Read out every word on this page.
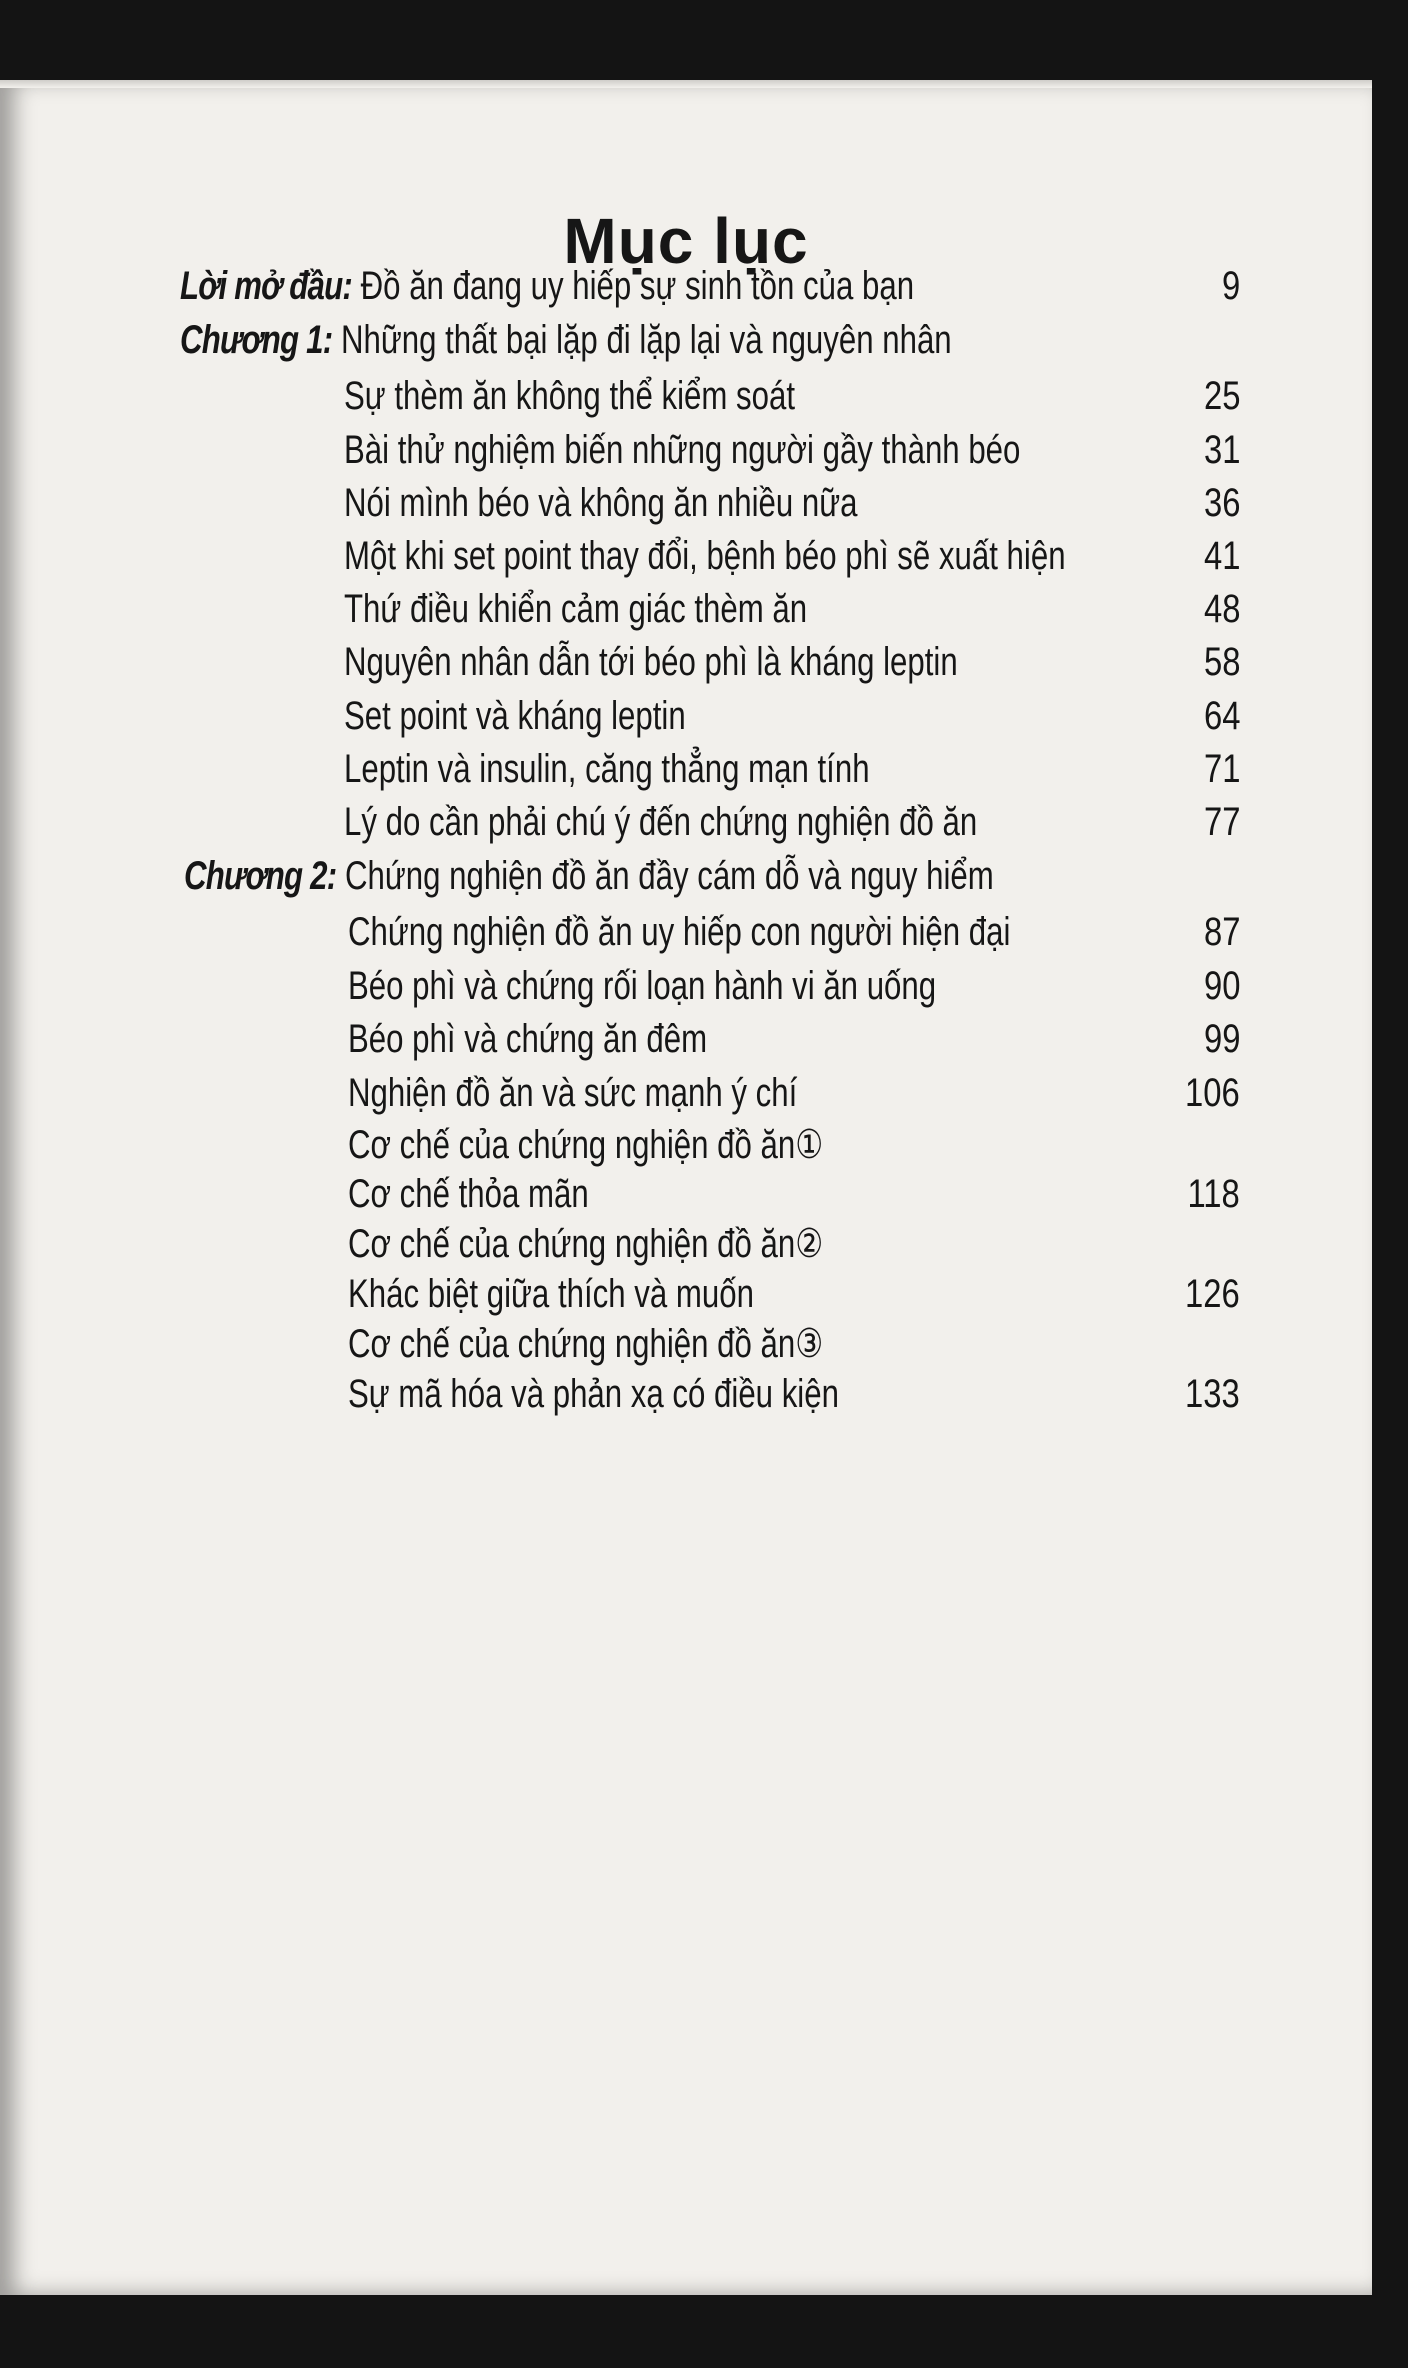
Mục lục
Lời mở đầu: Đồ ăn đang uy hiếp sự sinh tồn của bạn	9
Chương 1: Những thất bại lặp đi lặp lại và nguyên nhân
Sự thèm ăn không thể kiểm soát	25
Bài thử nghiệm biến những người gầy thành béo	31
Nói mình béo và không ăn nhiều nữa	36
Một khi set point thay đổi, bệnh béo phì sẽ xuất hiện	41
Thứ điều khiển cảm giác thèm ăn	48
Nguyên nhân dẫn tới béo phì là kháng leptin	58
Set point và kháng leptin	64
Leptin và insulin, căng thẳng mạn tính	71
Lý do cần phải chú ý đến chứng nghiện đồ ăn	77
Chương 2: Chứng nghiện đồ ăn đầy cám dỗ và nguy hiểm
Chứng nghiện đồ ăn uy hiếp con người hiện đại	87
Béo phì và chứng rối loạn hành vi ăn uống	90
Béo phì và chứng ăn đêm	99
Nghiện đồ ăn và sức mạnh ý chí	106
Cơ chế của chứng nghiện đồ ăn①
Cơ chế thỏa mãn	118
Cơ chế của chứng nghiện đồ ăn②
Khác biệt giữa thích và muốn	126
Cơ chế của chứng nghiện đồ ăn③
Sự mã hóa và phản xạ có điều kiện	133
